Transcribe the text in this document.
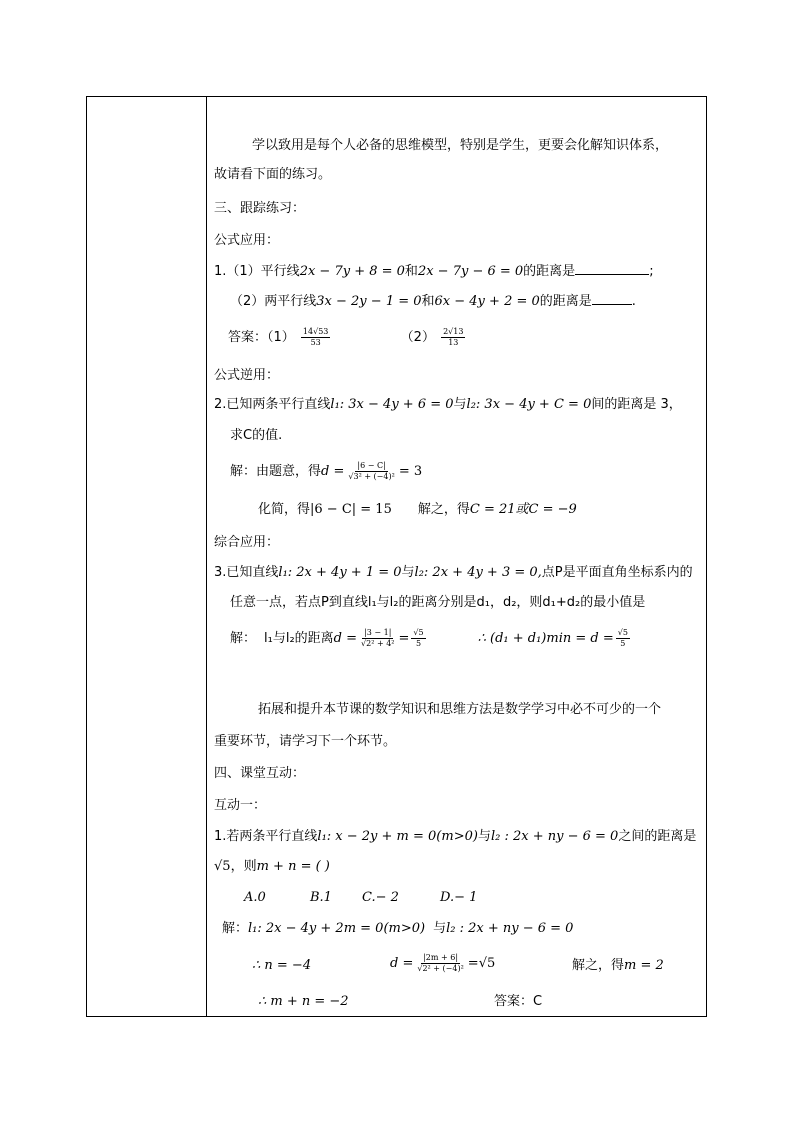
学以致用是每个人必备的思维模型，特别是学生，更要会化解知识体系，
故请看下面的练习。
三、跟踪练习：
公式应用：
1.（1）平行线2x − 7y + 8 = 0和2x − 7y − 6 = 0的距离是	;
（2）两平行线3x − 2y − 1 = 0和6x − 4y + 2 = 0的距离是	.
答案：$(1) \frac{14√53}{53}$	$(2) \frac{2√13}{13}$
公式逆用：
2.已知两条平行直线l₁: 3x − 4y + 6 = 0与l₂: 3x − 4y + C = 0间的距离是 3，
求C的值.
解：由题意，得$d = \frac{|6 - C|}{\text{√3² + (−4)²}} = 3$
化简，得|6 − C| = 15 解之，得C = 21或C = −9
综合应用：
3.已知直线l₁: 2x + 4y + 1 = 0与l₂: 2x + 4y + 3 = 0,点P是平面直角坐标系内的
任意一点，若点P到直线l₁与l₂的距离分别是d₁，d₂，则d₁+d₂的最小值是
解： l₁与l₂的距离$d = \frac{|3 - 1|}{\text{√2² + 4²}} = \frac{√5}{5}$	∴ $(d_1 + d_1)\min = d = \frac{√5}{5}$
拓展和提升本节课的数学知识和思维方法是数学学习中必不可少的一个
重要环节，请学习下一个环节。
四、课堂互动：
互动一：
1.若两条平行直线l₁: x − 2y + m = 0(m>0)与l₂ : 2x + ny − 6 = 0之间的距离是
√5，则m + n = ( )
A.0	B.1 C.− 2	D.− 1
解：l₁: 2x − 4y + 2m = 0(m>0) 与l₂ : 2x + ny − 6 = 0
∴ n = −4	$d = \frac{|2m + 6|}{\text{√2² + (−4)²}} =√5$	解之，得m = 2
∴ m + n = −2	答案：C
